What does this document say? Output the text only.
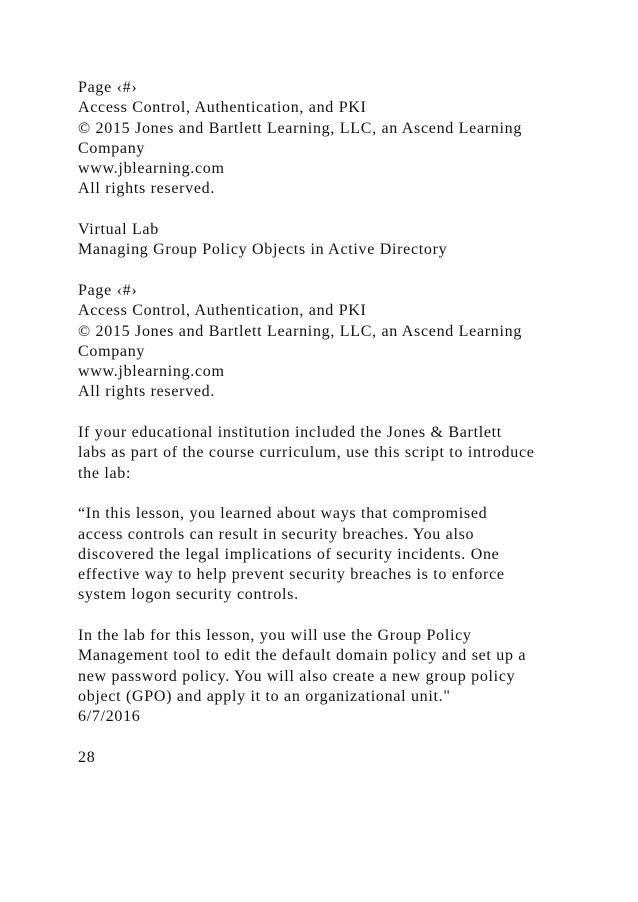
Page ‹#›
Access Control, Authentication, and PKI
© 2015 Jones and Bartlett Learning, LLC, an Ascend Learning
Company
www.jblearning.com
All rights reserved.
Virtual Lab
Managing Group Policy Objects in Active Directory
Page ‹#›
Access Control, Authentication, and PKI
© 2015 Jones and Bartlett Learning, LLC, an Ascend Learning
Company
www.jblearning.com
All rights reserved.
If your educational institution included the Jones & Bartlett
labs as part of the course curriculum, use this script to introduce
the lab:
“In this lesson, you learned about ways that compromised
access controls can result in security breaches. You also
discovered the legal implications of security incidents. One
effective way to help prevent security breaches is to enforce
system logon security controls.
In the lab for this lesson, you will use the Group Policy
Management tool to edit the default domain policy and set up a
new password policy. You will also create a new group policy
object (GPO) and apply it to an organizational unit."
6/7/2016
28
